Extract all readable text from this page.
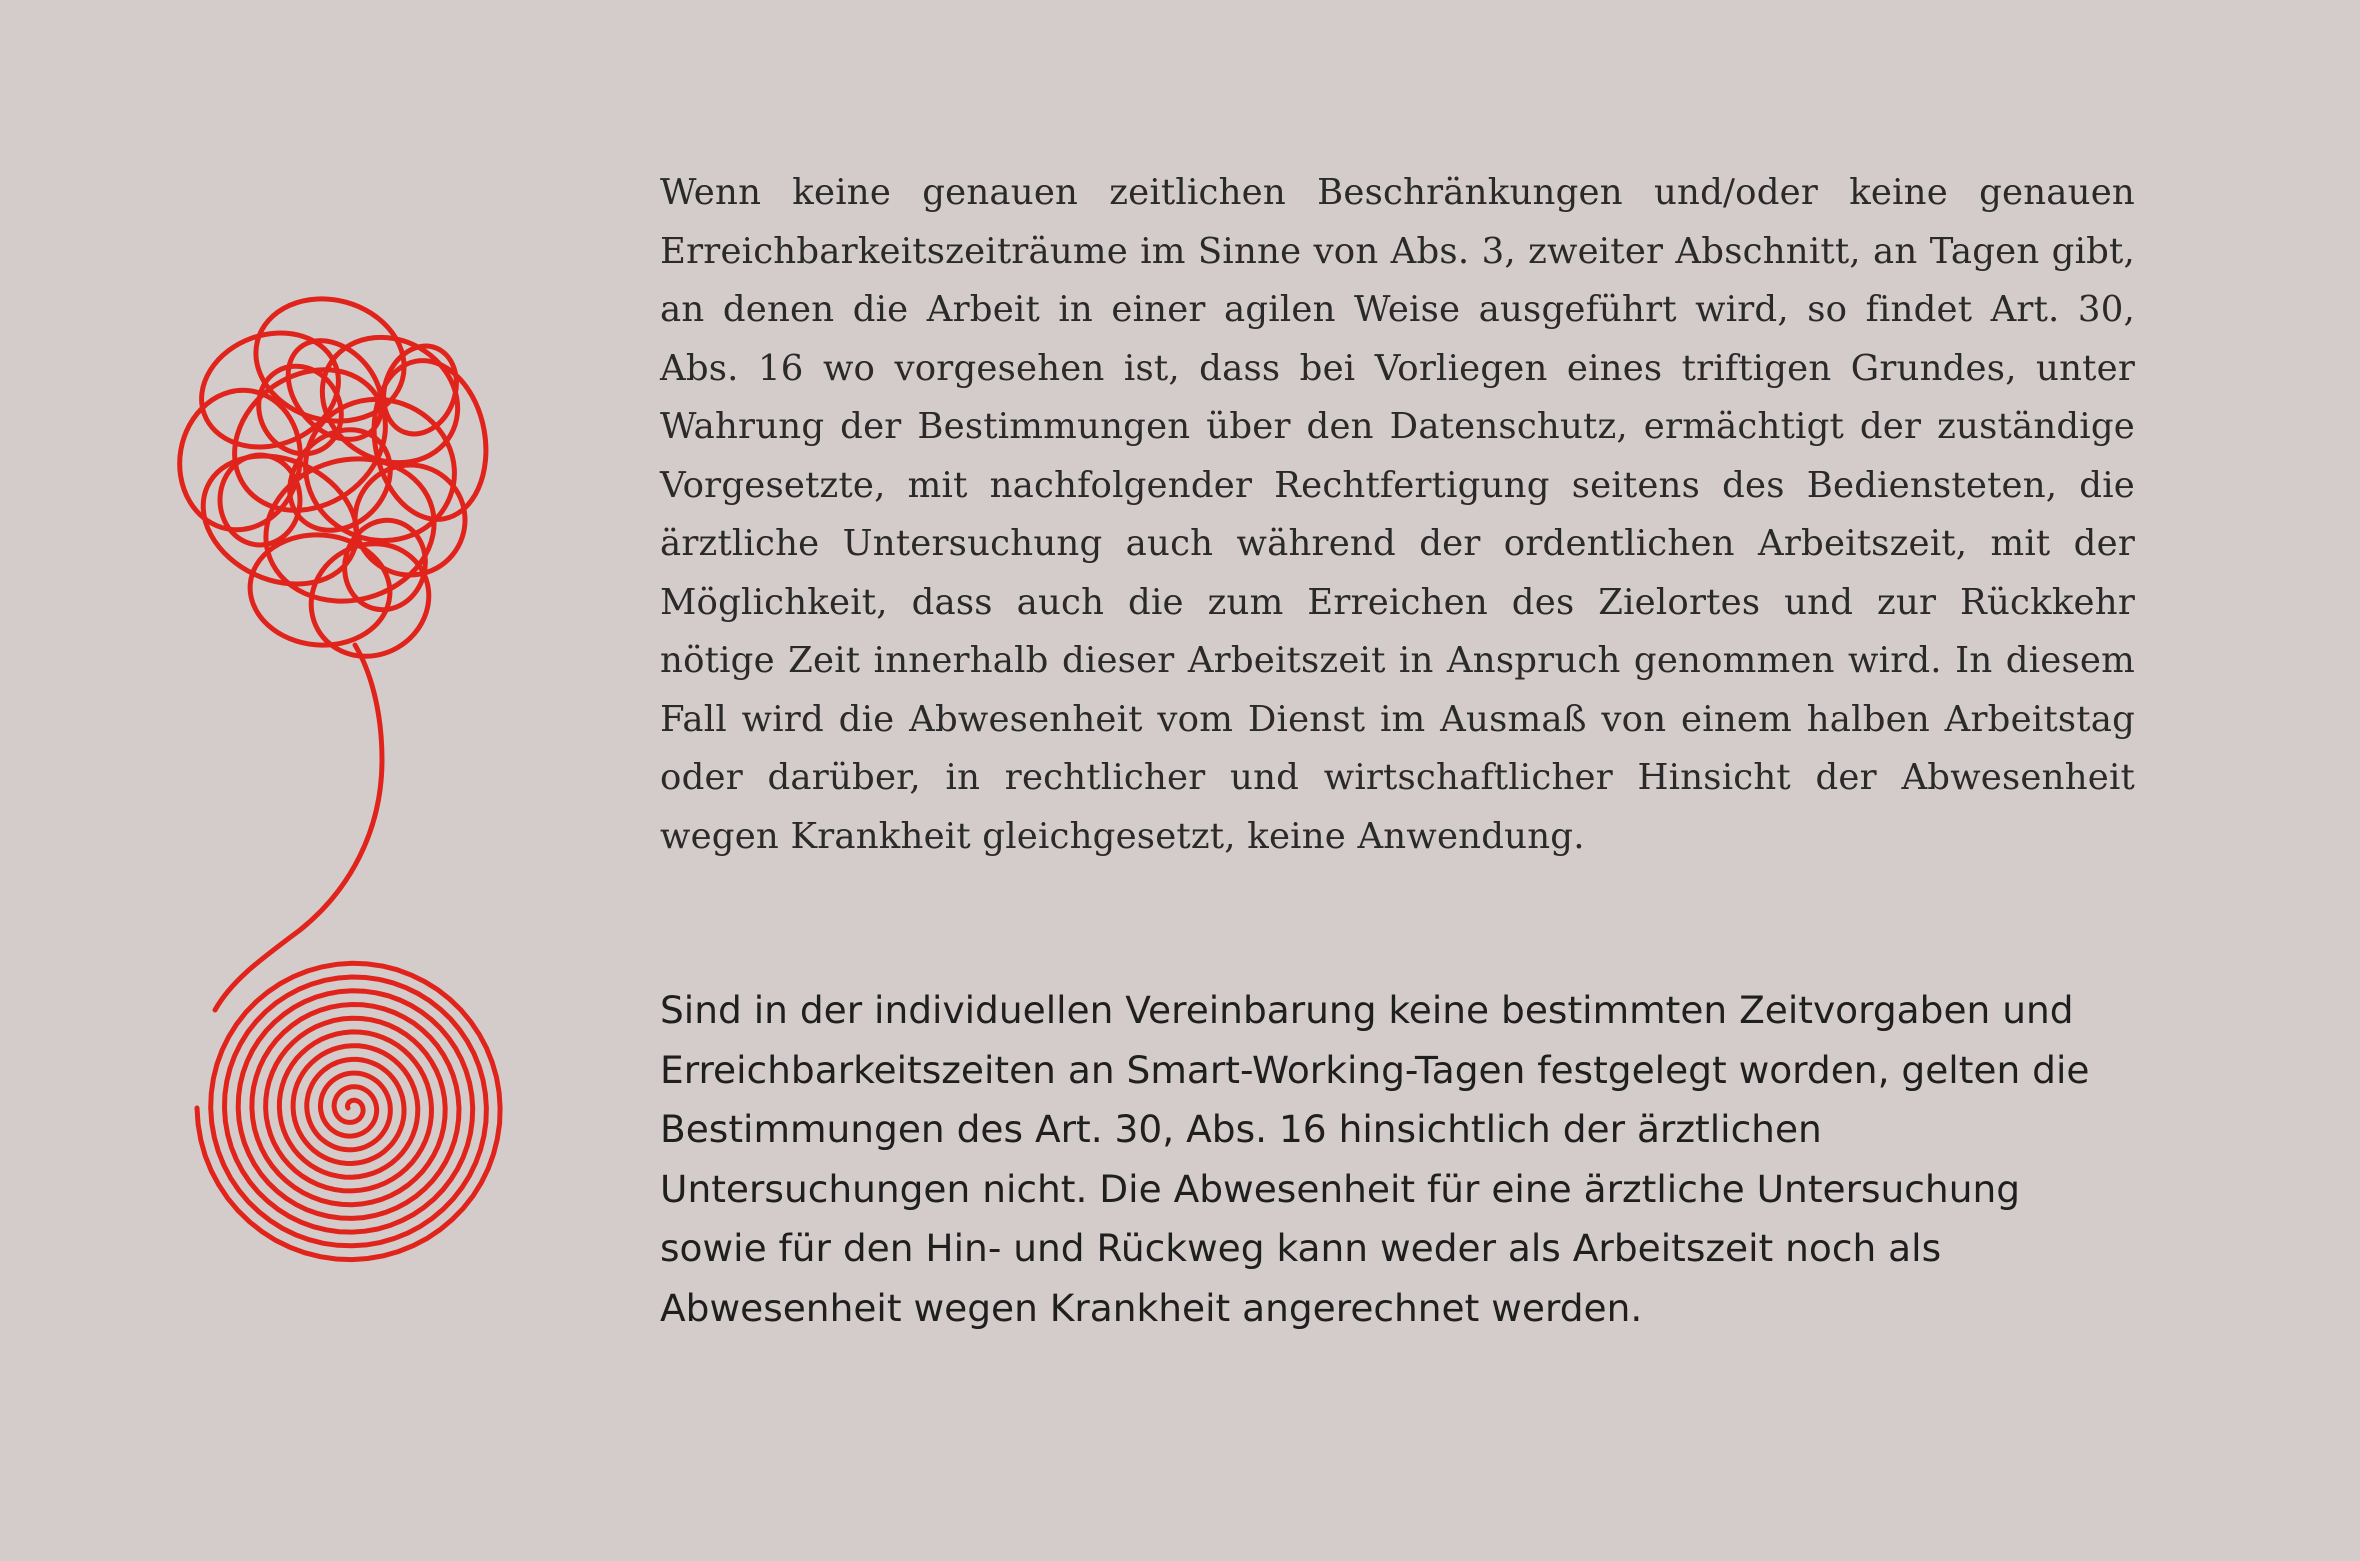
Wenn keine genauen zeitlichen Beschränkungen und/oder keine genauen Erreichbarkeitszeiträume im Sinne von Abs. 3, zweiter Abschnitt, an Tagen gibt, an denen die Arbeit in einer agilen Weise ausgeführt wird, so findet Art. 30, Abs. 16 wo vorgesehen ist, dass bei Vorliegen eines triftigen Grundes, unter Wahrung der Bestimmungen über den Datenschutz, ermächtigt der zuständige Vorgesetzte, mit nachfolgender Rechtfertigung seitens des Bediensteten, die ärztliche Untersuchung auch während der ordentlichen Arbeitszeit, mit der Möglichkeit, dass auch die zum Erreichen des Zielortes und zur Rückkehr nötige Zeit innerhalb dieser Arbeitszeit in Anspruch genommen wird. In diesem Fall wird die Abwesenheit vom Dienst im Ausmaß von einem halben Arbeitstag oder darüber, in rechtlicher und wirtschaftlicher Hinsicht der Abwesenheit wegen Krankheit gleichgesetzt, keine Anwendung.

Sind in der individuellen Vereinbarung keine bestimmten Zeitvorgaben und Erreichbarkeitszeiten an Smart-Working-Tagen festgelegt worden, gelten die Bestimmungen des Art. 30, Abs. 16 hinsichtlich der ärztlichen Untersuchungen nicht. Die Abwesenheit für eine ärztliche Untersuchung sowie für den Hin- und Rückweg kann weder als Arbeitszeit noch als Abwesenheit wegen Krankheit angerechnet werden.
